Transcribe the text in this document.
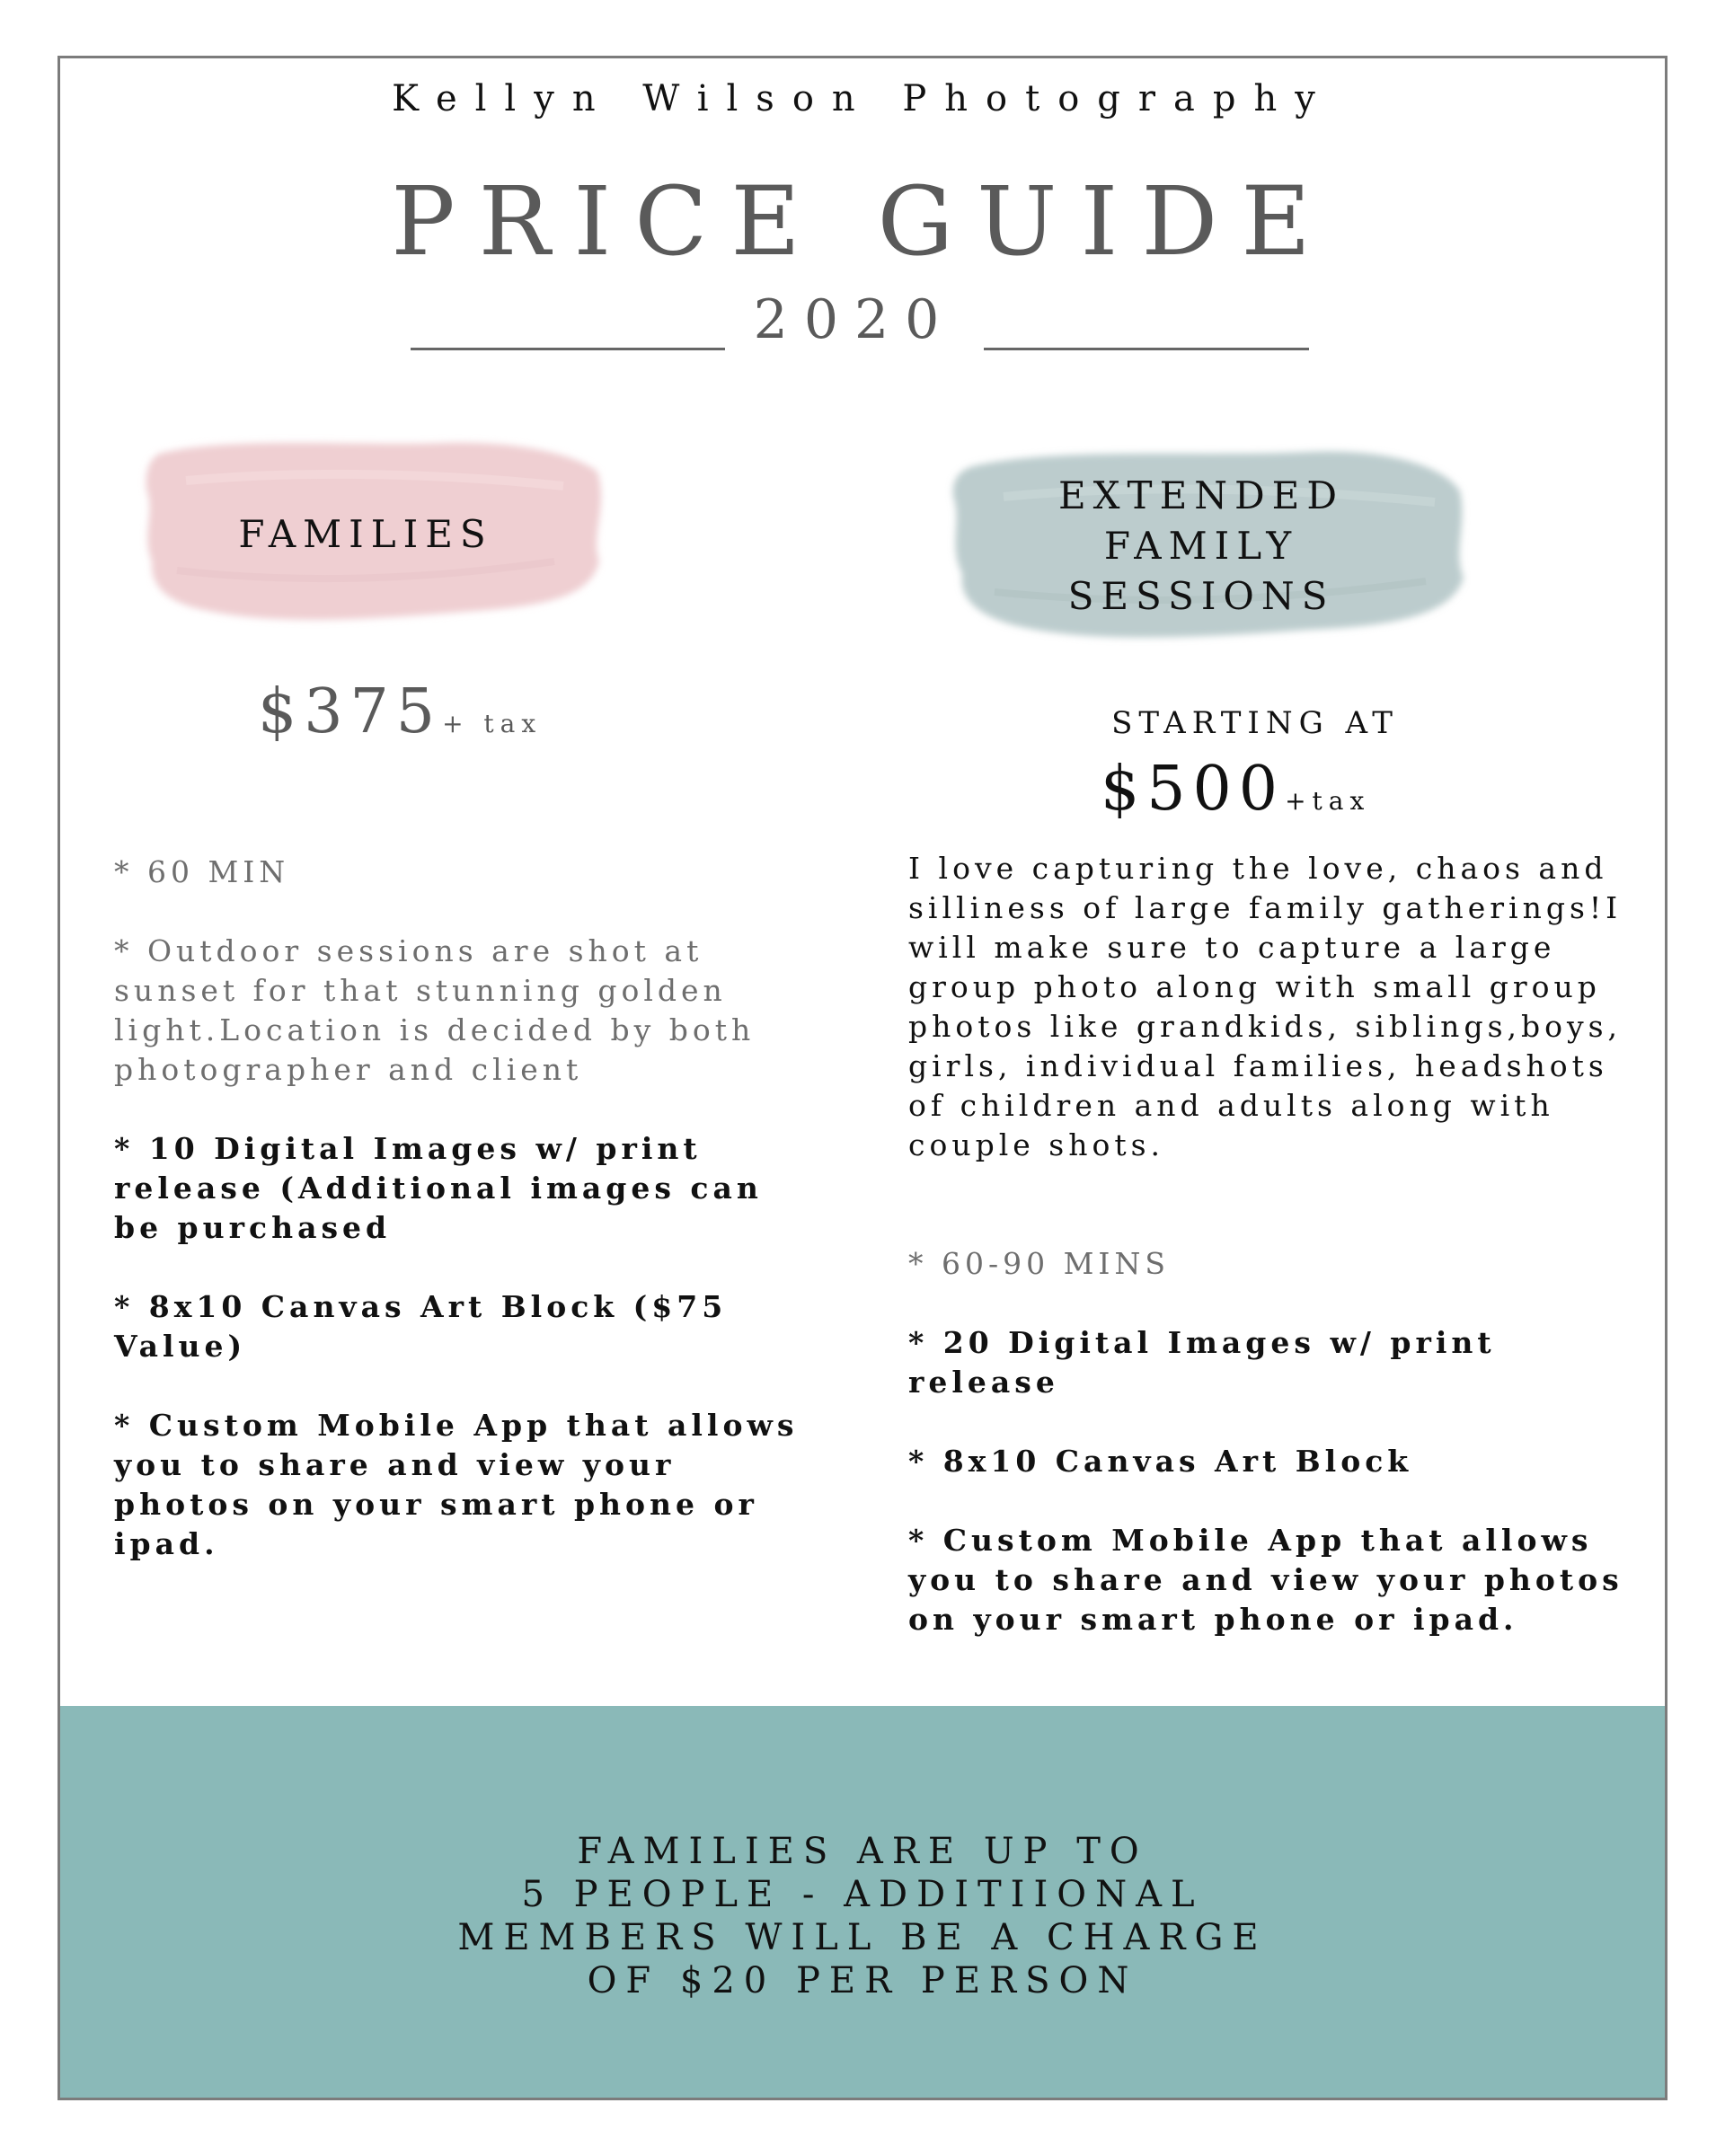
Kellyn Wilson Photography
PRICE GUIDE
2020
FAMILIES
EXTENDED
FAMILY
SESSIONS
$375+ tax	STARTING AT
$500+tax

* 60 MIN

* Outdoor sessions are shot at sunset for that stunning golden light.Location is decided by both photographer and client

* 10 Digital Images w/ print release (Additional images can be purchased

* 8x10 Canvas Art Block ($75 Value)

* Custom Mobile App that allows you to share and view your photos on your smart phone or ipad.

I love capturing the love, chaos and silliness of large family gatherings!I will make sure to capture a large group photo along with small group photos like grandkids, siblings,boys, girls, individual families, headshots of children and adults along with couple shots.

* 60-90 MINS

* 20 Digital Images w/ print release

* 8x10 Canvas Art Block

* Custom Mobile App that allows you to share and view your photos on your smart phone or ipad.

FAMILIES ARE UP TO
5 PEOPLE - ADDITIIONAL
MEMBERS WILL BE A CHARGE
OF $20 PER PERSON
